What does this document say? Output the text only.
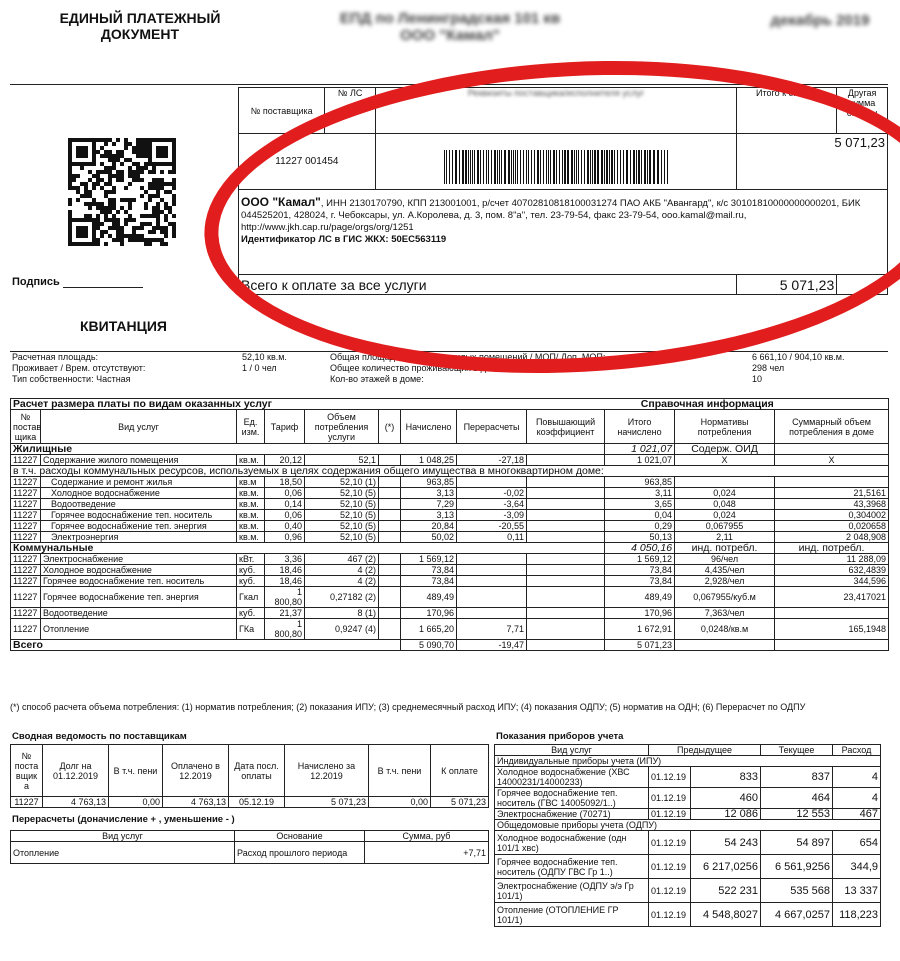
ЕДИНЫЙ ПЛАТЕЖНЫЙ
ДОКУМЕНТ
ЕПД по Ленинградская 101 кв
ООО "Камал"
декабрь 2019
Подпись
КВИТАНЦИЯ
№ поставщика	№ ЛС	Реквизиты поставщика/исполнителя услуг	Итого к оплате	Другая сумма оплаты
11227 001454			5 071,23	
ООО "Камал", ИНН 2130170790, КПП 213001001, р/счет 40702810818100031274 ПАО АКБ "Авангард", к/с 30101810000000000201, БИК 044525201, 428024, г. Чебоксары, ул. А.Королева, д. 3, пом. 8"а", тел. 23-79-54, факс 23-79-54, ooo.kamal@mail.ru, http://www.jkh.cap.ru/page/orgs/org/1251
Идентификатор ЛС в ГИС ЖКХ: 50ЕС563119				
Всего к оплате за все услуги			5 071,23	
Расчетная площадь:	52,10 кв.м.	Общая площадь жилых и нежилых помещений / МОП/ Доп. МОП:	6 661,10 / 904,10 кв.м.
Проживает / Врем. отсутствуют:	1 / 0 чел	Общее количество проживающих в доме:	298 чел
Тип собственности: Частная		Кол-во этажей в доме:	10
Расчет размера платы по видам оказанных услуг								Справочная информация			
№ постав щика	Вид услуг	Ед. изм.	Тариф	Объем потребления услуги	(*)	Начислено	Перерасчеты	Повышающий коэффициент	Итого начислено	Нормативы потребления	Суммарный объем потребления в доме
Жилищные									1 021,07	Содерж. ОИД	
11227	Содержание жилого помещения	кв.м.	20,12	52,1		1 048,25	-27,18		1 021,07	X	X
в т.ч. расходы коммунальных ресурсов, используемых в целях содержания общего имущества в многоквартирном доме:											
11227	Содержание и ремонт жилья	кв.м	18,50	52,10 (1)		963,85			963,85		
11227	Холодное водоснабжение	кв.м.	0,06	52,10 (5)		3,13	-0,02		3,11	0,024	21,5161
11227	Водоотведение	кв.м.	0,14	52,10 (5)		7,29	-3,64		3,65	0,048	43,3968
11227	Горячее водоснабжение теп. носитель	кв.м.	0,06	52,10 (5)		3,13	-3,09		0,04	0,024	0,304002
11227	Горячее водоснабжение теп. энергия	кв.м.	0,40	52,10 (5)		20,84	-20,55		0,29	0,067955	0,020658
11227	Электроэнергия	кв.м.	0,96	52,10 (5)		50,02	0,11		50,13	2,11	2 048,908
Коммунальные									4 050,16	инд. потребл.	инд. потребл.
11227	Электроснабжение	кВт.	3,36	467 (2)		1 569,12			1 569,12	96/чел	11 288,09
11227	Холодное водоснабжение	куб.	18,46	4 (2)		73,84			73,84	4,435/чел	632,4839
11227	Горячее водоснабжение теп. носитель	куб.	18,46	4 (2)		73,84			73,84	2,928/чел	344,596
11227	Горячее водоснабжение теп. энергия	Гкал	1 800,80	0,27182 (2)		489,49			489,49	0,067955/куб.м	23,417021
11227	Водоотведение	куб.	21,37	8 (1)		170,96			170,96	7,363/чел	
11227	Отопление	ГКа	1 800,80	0,9247 (4)		1 665,20	7,71		1 672,91	0,0248/кв.м	165,1948
Всего						5 090,70	-19,47		5 071,23		
(*) способ расчета объема потребления: (1) норматив потребления; (2) показания ИПУ; (3) среднемесячный расход ИПУ; (4) показания ОДПУ; (5) норматив на ОДН; (6) Перерасчет по ОДПУ
Сводная ведомость по поставщикам
№ поста вщик а	Долг на 01.12.2019	В т.ч. пени	Оплачено в 12.2019	Дата посл. оплаты	Начислено за 12.2019	В т.ч. пени	К оплате
11227	4 763,13	0,00	4 763,13	05.12.19	5 071,23	0,00	5 071,23
Перерасчеты (доначисление + , уменьшение - )
Вид услуг	Основание	Сумма, руб
Отопление	Расход прошлого периода	+7,71
Показания приборов учета
Вид услуг	Предыдущее		Текущее	Расход
Индивидуальные приборы учета (ИПУ)				
Холодное водоснабжение (ХВС 14000231/14000233)	01.12.19	833	837	4
Горячее водоснабжение теп. носитель (ГВС 14005092/1..)	01.12.19	460	464	4
Электроснабжение (70271)	01.12.19	12 086	12 553	467
Общедомовые приборы учета (ОДПУ)				
Холодное водоснабжение (одн 101/1 хвс)	01.12.19	54 243	54 897	654
Горячее водоснабжение теп. носитель (ОДПУ ГВС Гр 1..)	01.12.19	6 217,0256	6 561,9256	344,9
Электроснабжение (ОДПУ э/э Гр 101/1)	01.12.19	522 231	535 568	13 337
Отопление (ОТОПЛЕНИЕ ГР 101/1)	01.12.19	4 548,8027	4 667,0257	118,223
